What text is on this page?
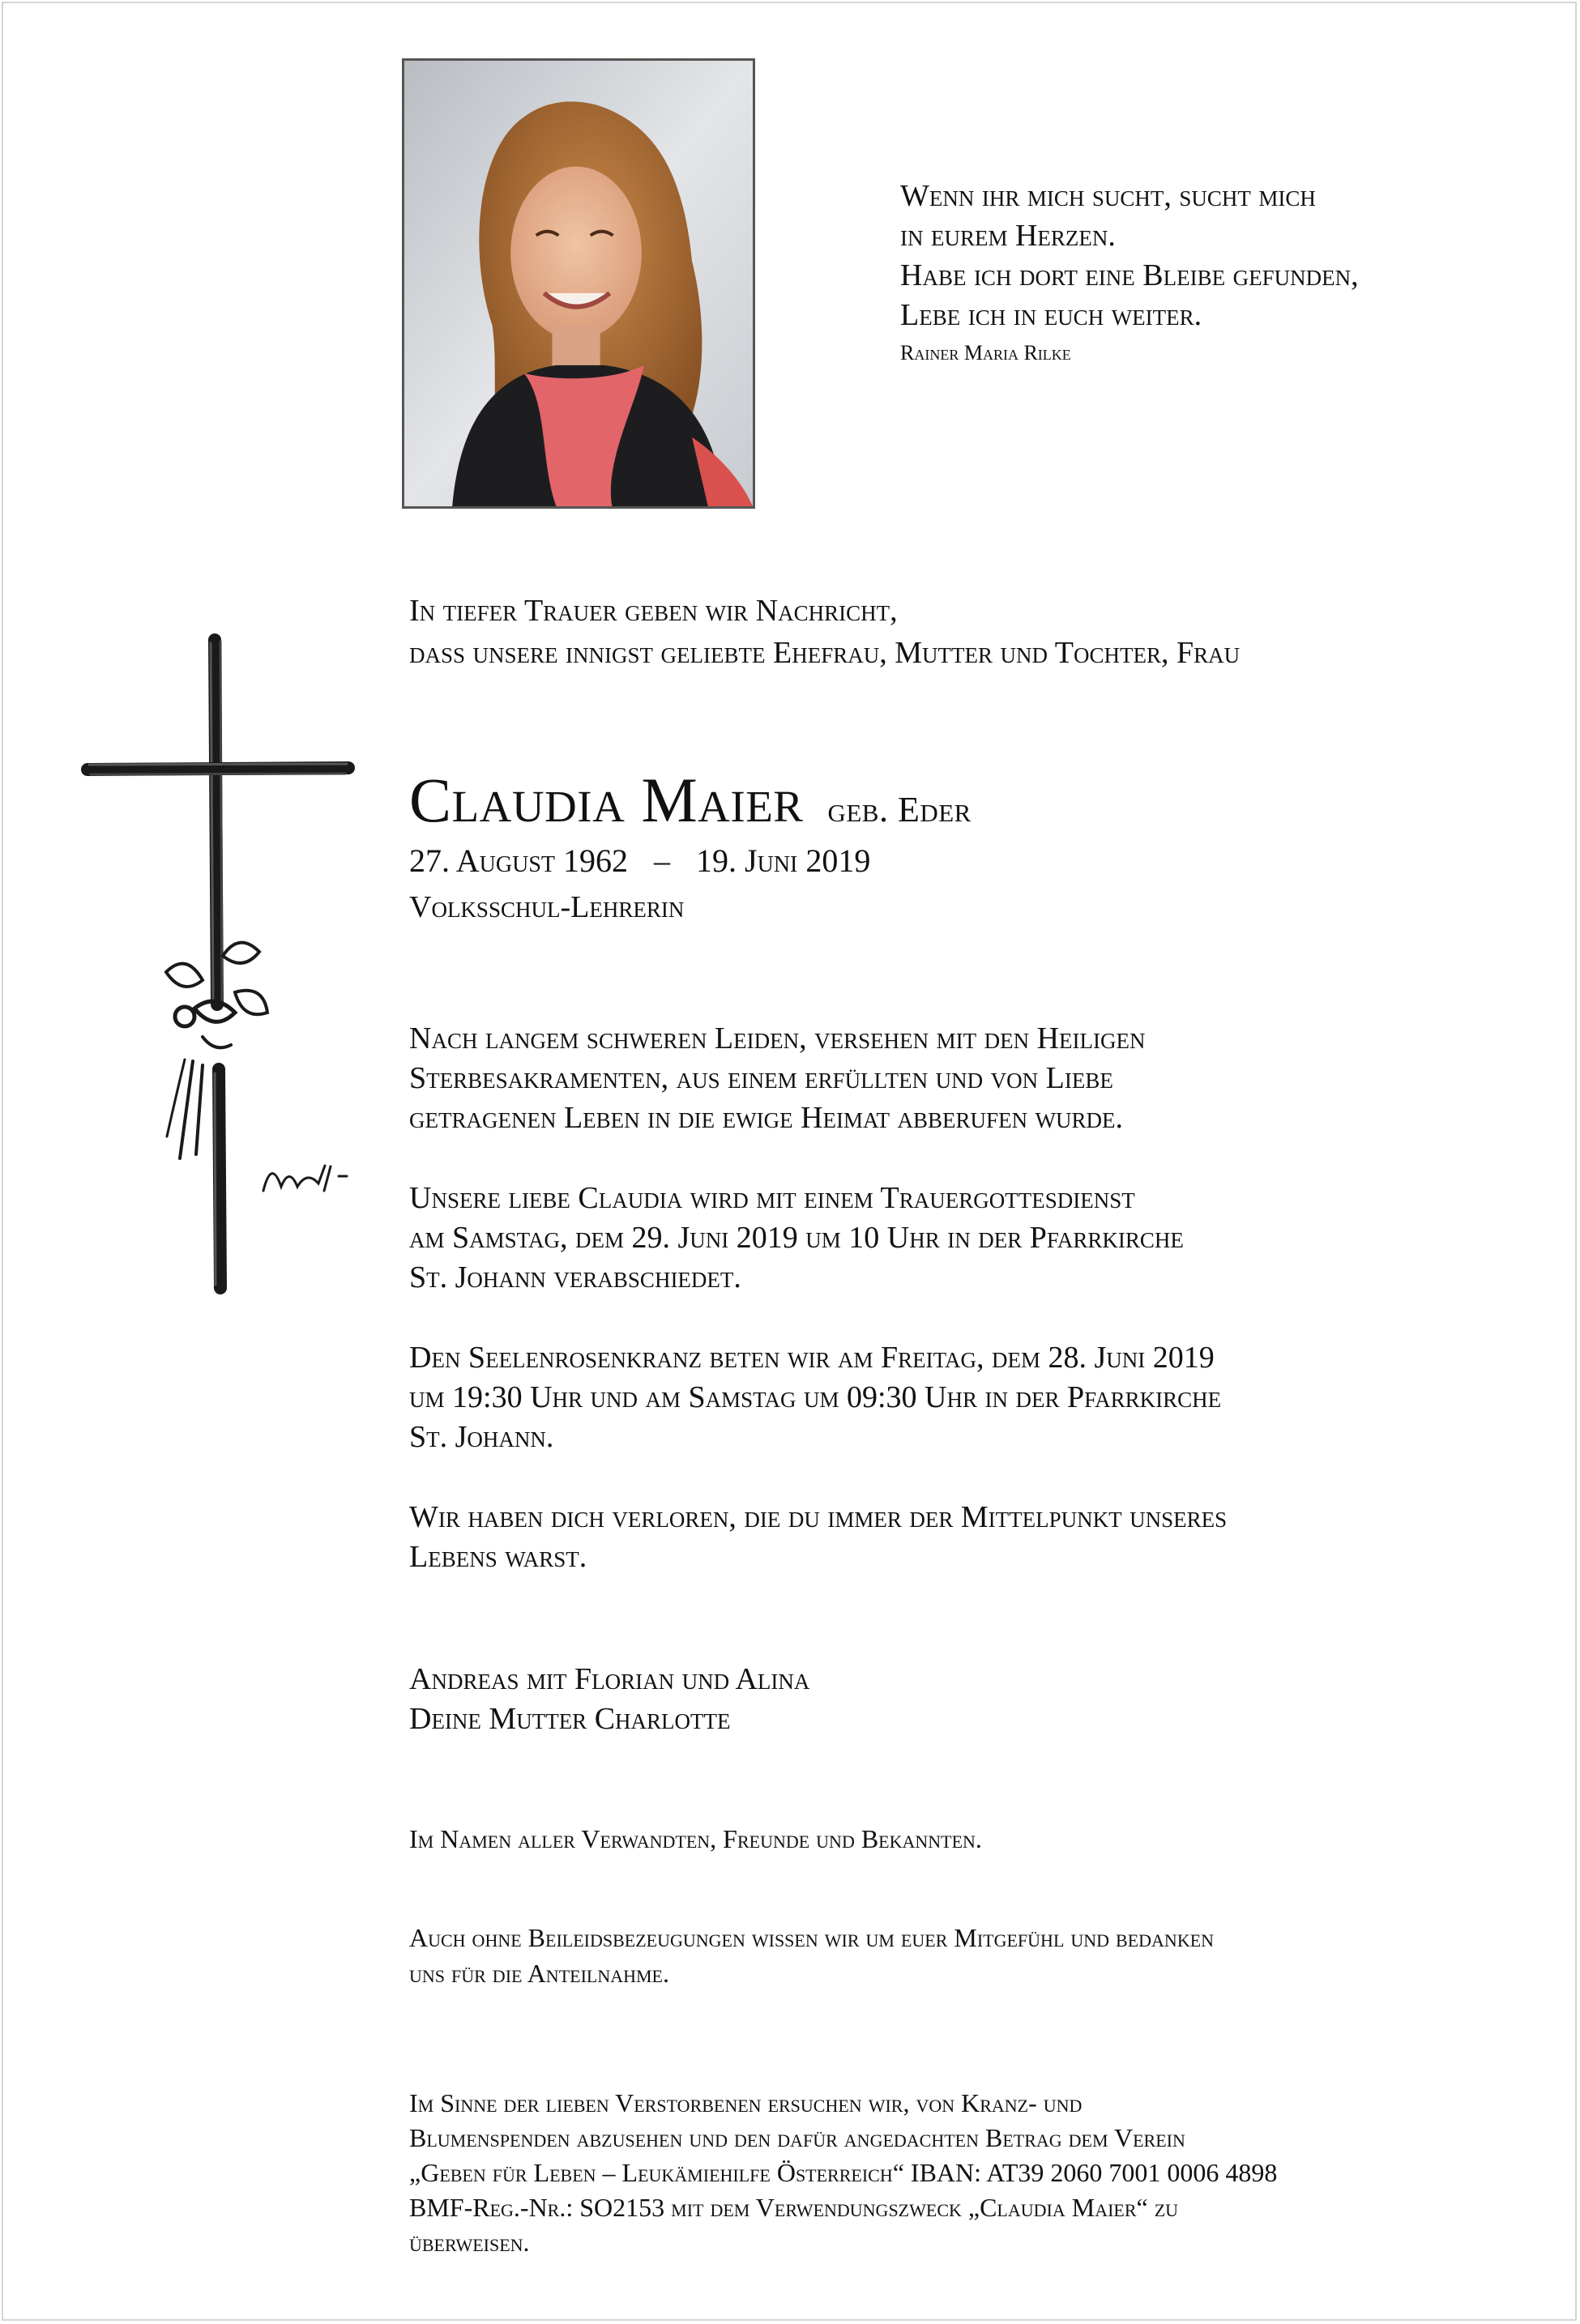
Wenn ihr mich sucht, sucht mich
in eurem Herzen.
Habe ich dort eine Bleibe gefunden,
Lebe ich in euch weiter.
Rainer Maria Rilke
In tiefer Trauer geben wir Nachricht,
dass unsere innigst geliebte Ehefrau, Mutter und Tochter, Frau
Claudia Maier geb. Eder
27. August 1962 – 19. Juni 2019
Volksschul-Lehrerin
Nach langem schweren Leiden, versehen mit den Heiligen
Sterbesakramenten, aus einem erfüllten und von Liebe
getragenen Leben in die ewige Heimat abberufen wurde.
Unsere liebe Claudia wird mit einem Trauergottesdienst
am Samstag, dem 29. Juni 2019 um 10 Uhr in der Pfarrkirche
St. Johann verabschiedet.
Den Seelenrosenkranz beten wir am Freitag, dem 28. Juni 2019
um 19:30 Uhr und am Samstag um 09:30 Uhr in der Pfarrkirche
St. Johann.
Wir haben dich verloren, die du immer der Mittelpunkt unseres
Lebens warst.
Andreas mit Florian und Alina
Deine Mutter Charlotte
Im Namen aller Verwandten, Freunde und Bekannten.
Auch ohne Beileidsbezeugungen wissen wir um euer Mitgefühl und bedanken
uns für die Anteilnahme.
Im Sinne der lieben Verstorbenen ersuchen wir, von Kranz- und
Blumenspenden abzusehen und den dafür angedachten Betrag dem Verein
„Geben für Leben – Leukämiehilfe Österreich“ IBAN: AT39 2060 7001 0006 4898
BMF-Reg.-Nr.: SO2153 mit dem Verwendungszweck „Claudia Maier“ zu
überweisen.
